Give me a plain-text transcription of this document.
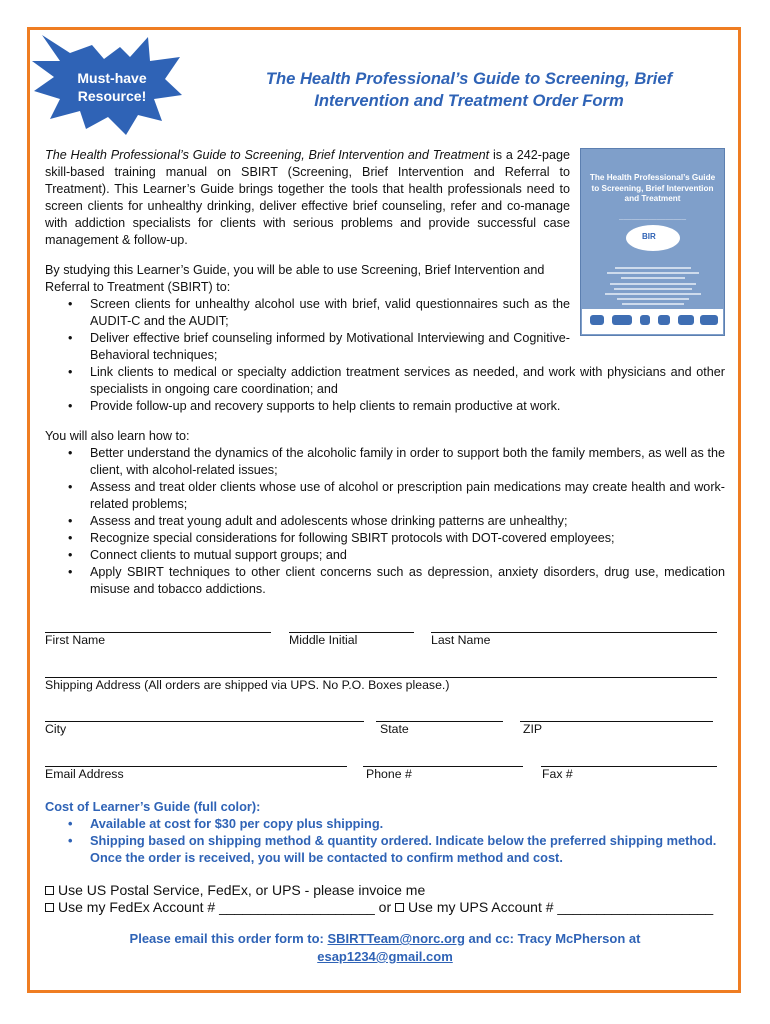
Must-have
Resource!
The Health Professional’s Guide to Screening, Brief
Intervention and Treatment Order Form

The Health Professional’s Guide to Screening, Brief Intervention and Treatment is a 242-page skill-based training manual on SBIRT (Screening, Brief Intervention and Referral to Treatment). This Learner’s Guide brings together the tools that health professionals need to screen clients for unhealthy drinking, deliver effective brief counseling, refer and co-manage with addiction specialists for clients with serious problems and provide successful case management & follow-up.

The Health Professional’s Guide to Screening, Brief Intervention and Treatment
————————————————
BIR

By studying this Learner’s Guide, you will be able to use Screening, Brief Intervention and Referral to Treatment (SBIRT) to:

• Screen clients for unhealthy alcohol use with brief, valid questionnaires such as the AUDIT-C and the AUDIT;
• Deliver effective brief counseling informed by Motivational Interviewing and Cognitive-Behavioral techniques;
• Link clients to medical or specialty addiction treatment services as needed, and work with physicians and other specialists in ongoing care coordination; and
• Provide follow-up and recovery supports to help clients to remain productive at work.

You will also learn how to:

• Better understand the dynamics of the alcoholic family in order to support both the family members, as well as the client, with alcohol-related issues;
• Assess and treat older clients whose use of alcohol or prescription pain medications may create health and work-related problems;
• Assess and treat young adult and adolescents whose drinking patterns are unhealthy;
• Recognize special considerations for following SBIRT protocols with DOT-covered employees;
• Connect clients to mutual support groups; and
• Apply SBIRT techniques to other client concerns such as depression, anxiety disorders, drug use, medication misuse and tobacco addictions.
First Name	Middle Initial	Last Name
Shipping Address (All orders are shipped via UPS. No P.O. Boxes please.)
City	State	ZIP
Email Address	Phone #	Fax #
Cost of Learner’s Guide (full color):
• Available at cost for $30 per copy plus shipping.
• Shipping based on shipping method & quantity ordered. Indicate below the preferred shipping method. Once the order is received, you will be contacted to confirm method and cost.
Use US Postal Service, FedEx, or UPS - please invoice me
Use my FedEx Account # ____________________ or Use my UPS Account # ____________________
Please email this order form to: SBIRTTeam@norc.org and cc: Tracy McPherson at
esap1234@gmail.com
